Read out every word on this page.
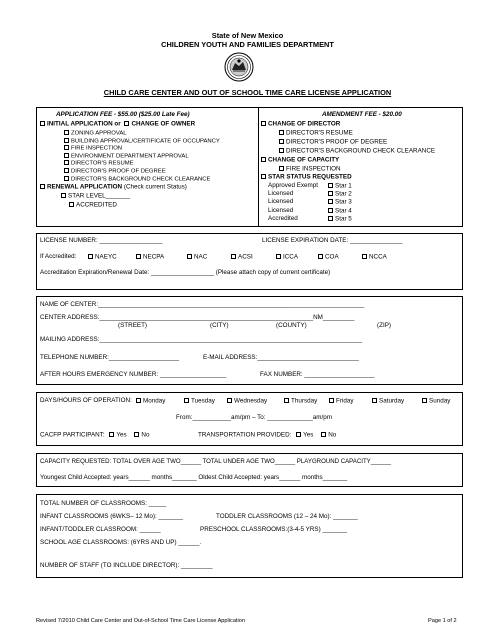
State of New Mexico
CHILDREN YOUTH AND FAMILIES DEPARTMENT
CHILD CARE CENTER AND OUT OF SCHOOL TIME CARE LICENSE APPLICATION
APPLICATION FEE - $55.00 ($25.00 Late Fee)
INITIAL APPLICATION or CHANGE OF OWNER
ZONING APPROVAL
BUILDING APPROVAL/CERTIFICATE OF OCCUPANCY
FIRE INSPECTION
ENVIRONMENT DEPARTMENT APPROVAL
DIRECTOR'S RESUME
DIRECTOR'S PROOF OF DEGREE
DIRECTOR'S BACKGROUND CHECK CLEARANCE
RENEWAL APPLICATION (Check current Status)
STAR LEVEL_______
ACCREDITED
AMENDMENT FEE - $20.00
CHANGE OF DIRECTOR
DIRECTOR'S RESUME
DIRECTOR'S PROOF OF DEGREE
DIRECTOR'S BACKGROUND CHECK CLEARANCE
CHANGE OF CAPACITY
FIRE INSPECTION
STAR STATUS REQUESTED
Approved Exempt	Star 1
Licensed	Star 2
Licensed	Star 3
Licensed	Star 4
Accredited	Star 5
LICENSE NUMBER: __________________	LICENSE EXPIRATION DATE: _______________
If Accredited:	NAEYC	NECPA	NAC	ACSI	ICCA	COA	NCCA
Accreditation Expiration/Renewal Date: __________________ (Please attach copy of current certificate)
NAME OF CENTER:____________________________________________________________________________
CENTER ADDRESS:_____________________________________________________________NM_________
(STREET)	(CITY)	(COUNTY)	(ZIP)
MAILING ADDRESS:___________________________________________________________________________
TELEPHONE NUMBER:____________________	E-MAIL ADDRESS:_____________________________
AFTER HOURS EMERGENCY NUMBER: ___________________	FAX NUMBER: ____________________
DAYS/HOURS OF OPERATION:	Monday	Tuesday	Wednesday	Thursday	Friday	Saturday	Sunday
From:___________am/pm – To: _____________am/pm
CACFP PARTICIPANT: Yes No	TRANSPORTATION PROVIDED: Yes No
CAPACITY REQUESTED: TOTAL OVER AGE TWO______ TOTAL UNDER AGE TWO______ PLAYGROUND CAPACITY______
Youngest Child Accepted: years______ months_______ Oldest Child Accepted: years______ months_______
TOTAL NUMBER OF CLASSROOMS: _____
INFANT CLASSROOMS (6WKS– 12 Mo): _______	TODDLER CLASSROOMS (12 – 24 Mo): _______
INFANT/TODDLER CLASSROOM: ______	PRESCHOOL CLASSROOMS:(3-4-5 YRS) _______
SCHOOL AGE CLASSROOMS: (6YRS AND UP) ______.
NUMBER OF STAFF (TO INCLUDE DIRECTOR): _________
Revised 7/2010 Child Care Center and Out-of-School Time Care License Application	Page 1 of 2
